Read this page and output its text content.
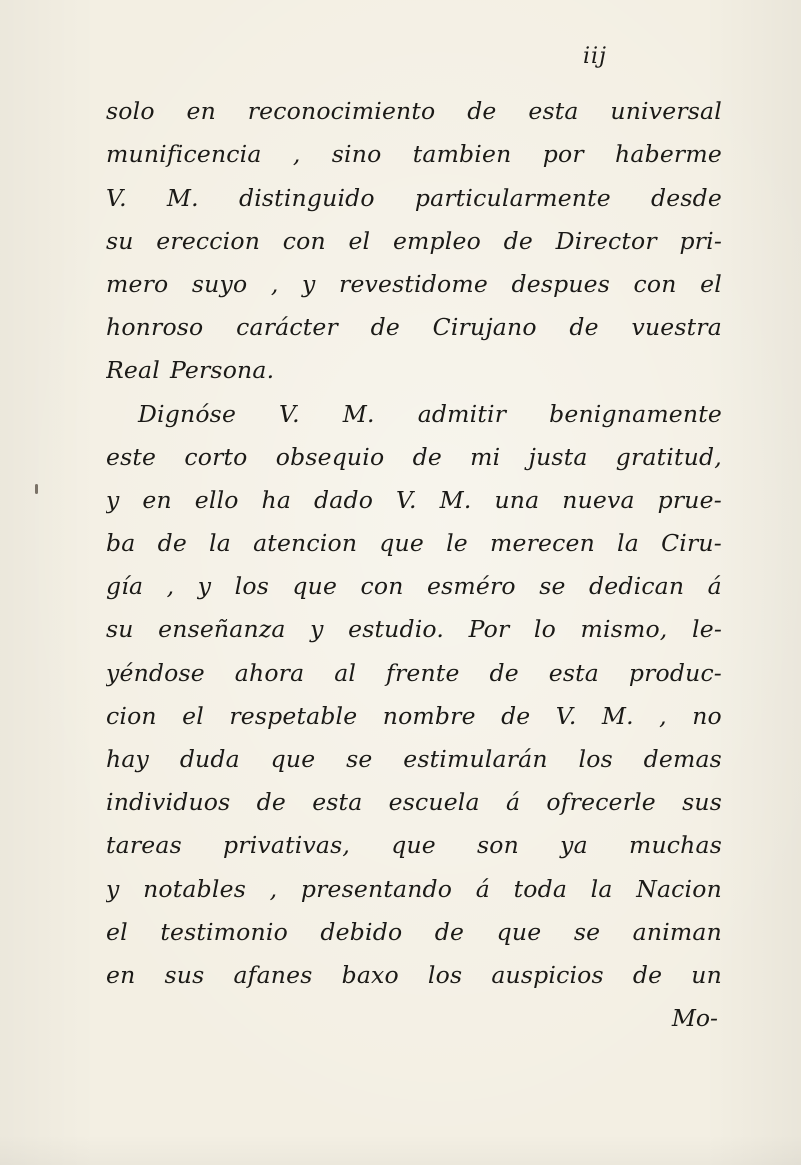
iij
solo en reconocimiento de esta universal
munificencia , sino tambien por haberme
V. M. distinguido particularmente desde
su ereccion con el empleo de Director pri-
mero suyo , y revestidome despues con el
honroso carácter de Cirujano de vuestra
Real Persona.
Dignóse V. M. admitir benignamente
este corto obsequio de mi justa gratitud,
y en ello ha dado V. M. una nueva prue-
ba de la atencion que le merecen la Ciru-
gía , y los que con esméro se dedican á
su enseñanza y estudio. Por lo mismo, le-
yéndose ahora al frente de esta produc-
cion el respetable nombre de V. M. , no
hay duda que se estimularán los demas
individuos de esta escuela á ofrecerle sus
tareas privativas, que son ya muchas
y notables , presentando á toda la Nacion
el testimonio debido de que se animan
en sus afanes baxo los auspicios de un
Mo-
